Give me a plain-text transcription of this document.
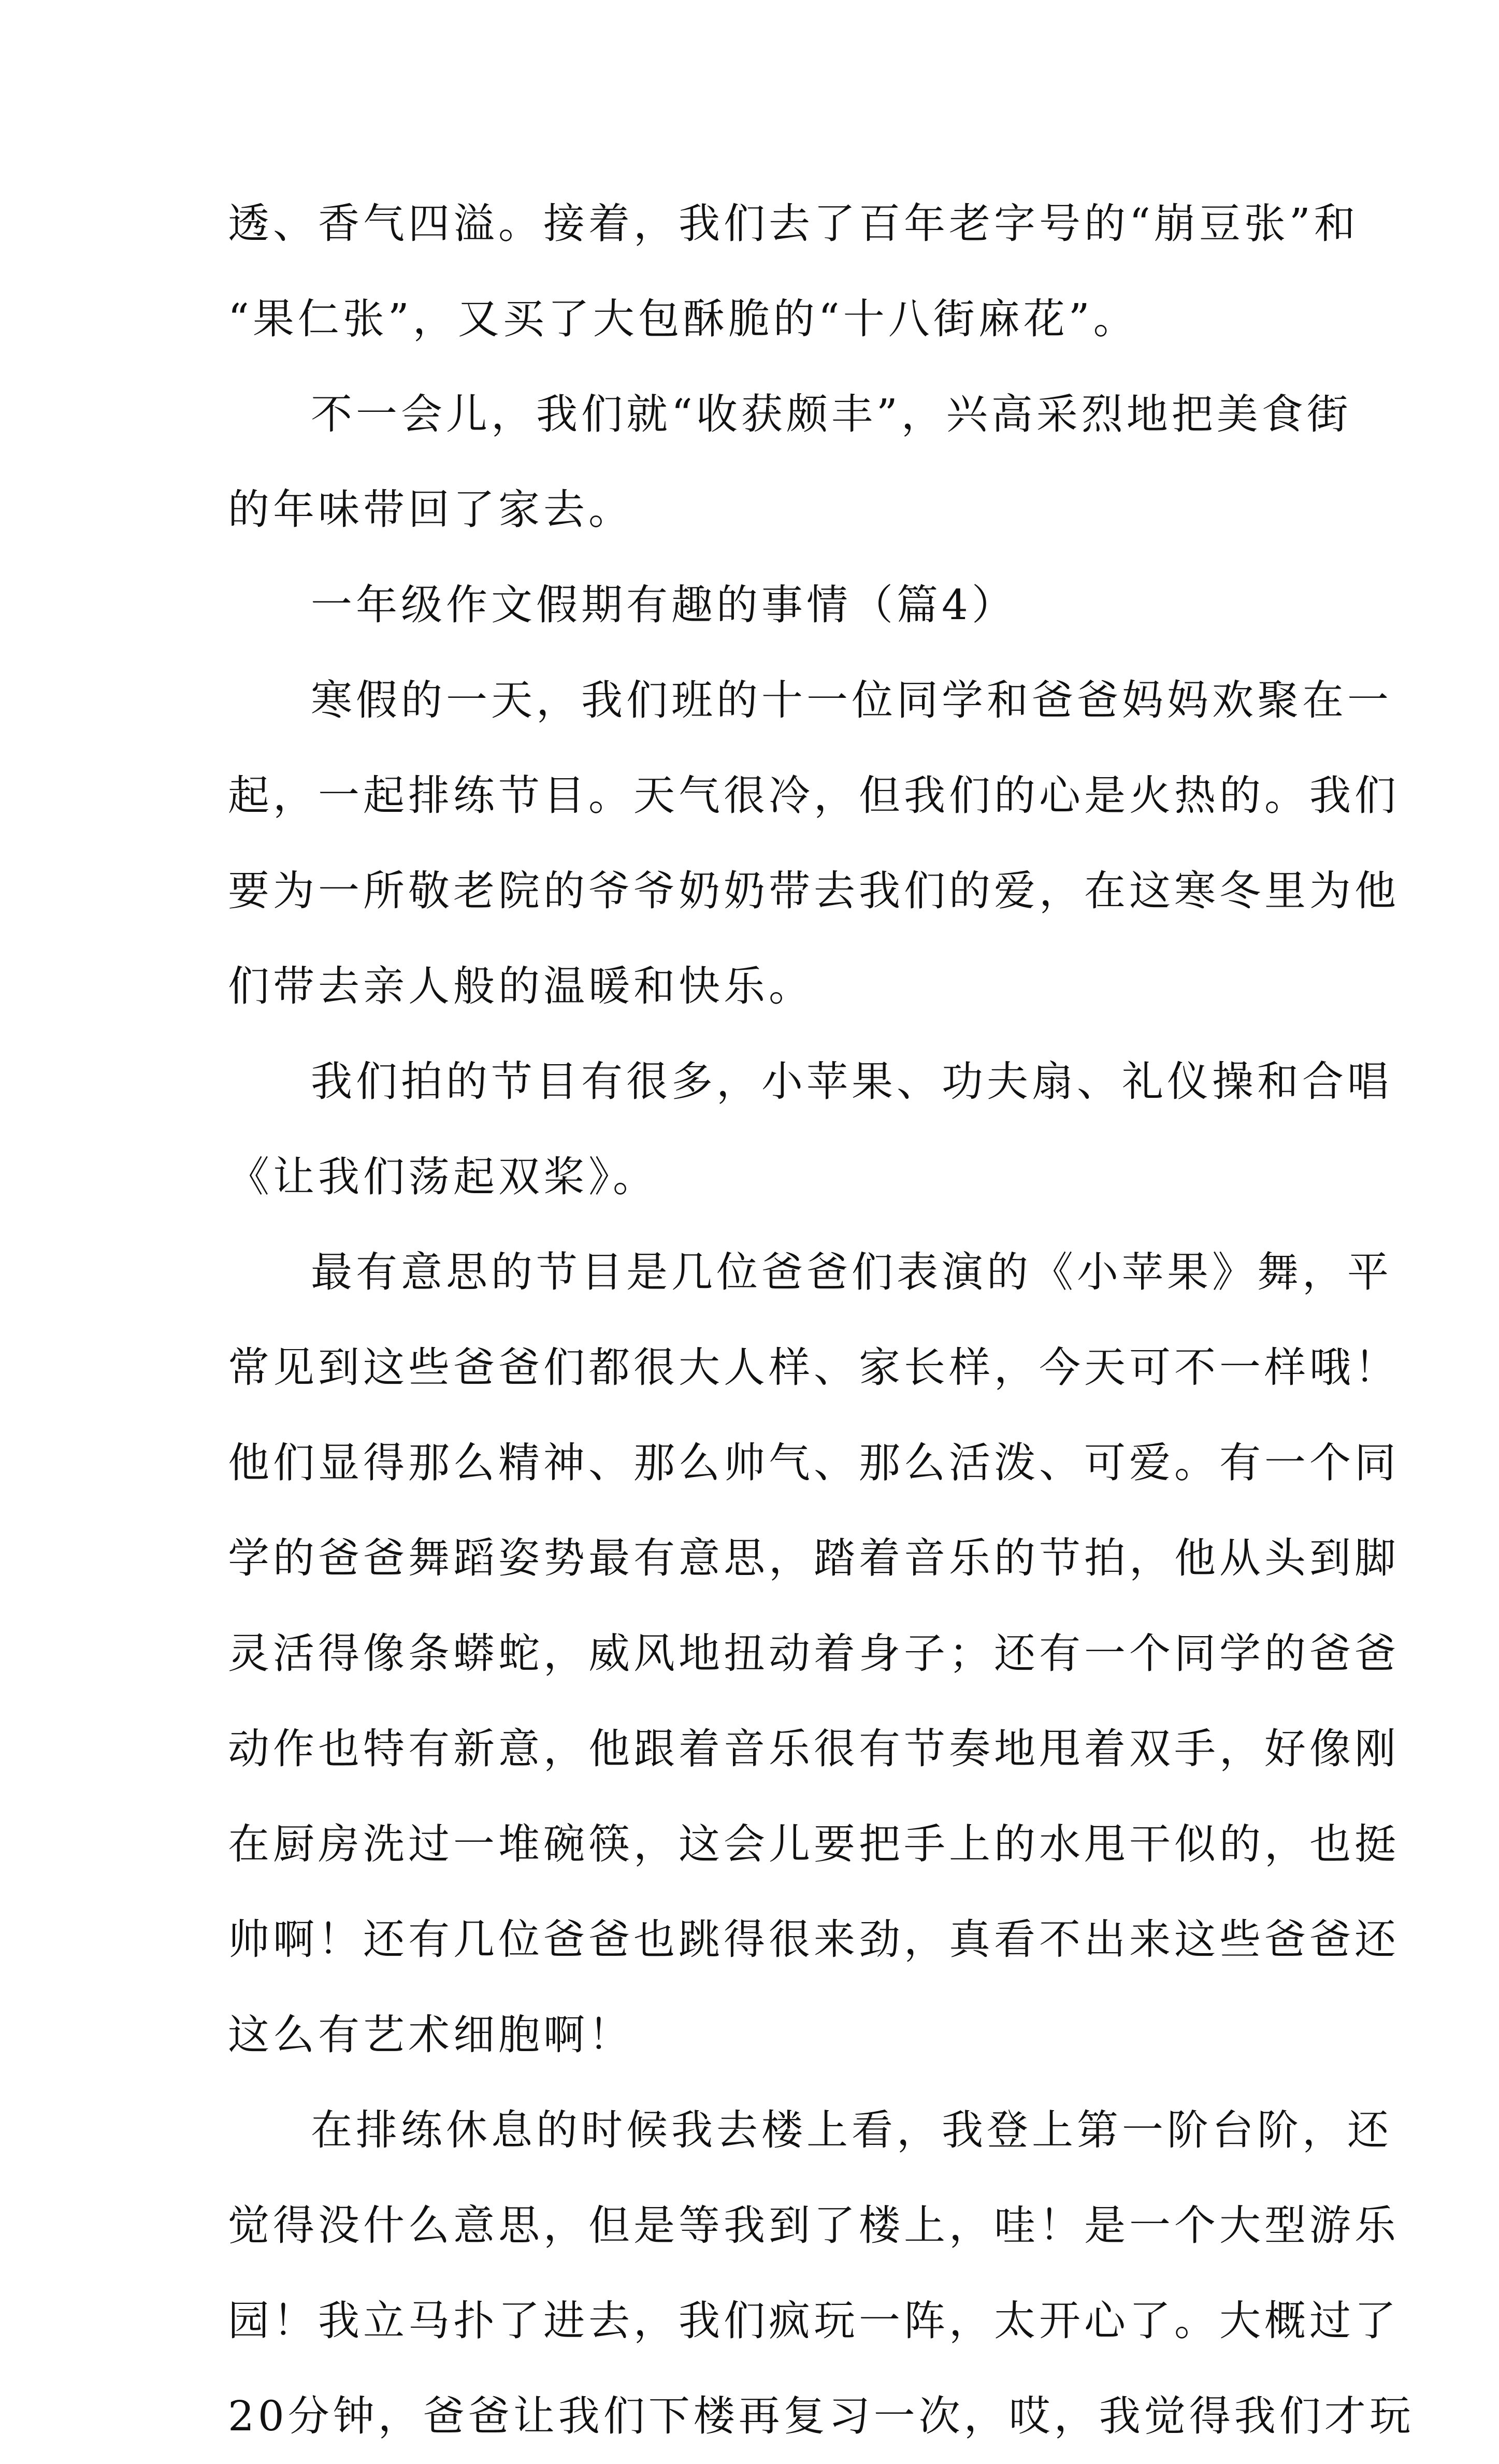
透、香气四溢。接着，我们去了百年老字号的“崩豆张”和
“果仁张”，又买了大包酥脆的“十八街麻花”。
不一会儿，我们就“收获颇丰”，兴高采烈地把美食街
的年味带回了家去。
一年级作文假期有趣的事情（篇4）
寒假的一天，我们班的十一位同学和爸爸妈妈欢聚在一
起，一起排练节目。天气很冷，但我们的心是火热的。我们
要为一所敬老院的爷爷奶奶带去我们的爱，在这寒冬里为他
们带去亲人般的温暖和快乐。
我们拍的节目有很多，小苹果、功夫扇、礼仪操和合唱
《让我们荡起双桨》。
最有意思的节目是几位爸爸们表演的《小苹果》舞，平
常见到这些爸爸们都很大人样、家长样，今天可不一样哦！
他们显得那么精神、那么帅气、那么活泼、可爱。有一个同
学的爸爸舞蹈姿势最有意思，踏着音乐的节拍，他从头到脚
灵活得像条蟒蛇，威风地扭动着身子；还有一个同学的爸爸
动作也特有新意，他跟着音乐很有节奏地甩着双手，好像刚
在厨房洗过一堆碗筷，这会儿要把手上的水甩干似的，也挺
帅啊！还有几位爸爸也跳得很来劲，真看不出来这些爸爸还
这么有艺术细胞啊！
在排练休息的时候我去楼上看，我登上第一阶台阶，还
觉得没什么意思，但是等我到了楼上，哇！是一个大型游乐
园！我立马扑了进去，我们疯玩一阵，太开心了。大概过了
20分钟，爸爸让我们下楼再复习一次，哎，我觉得我们才玩
